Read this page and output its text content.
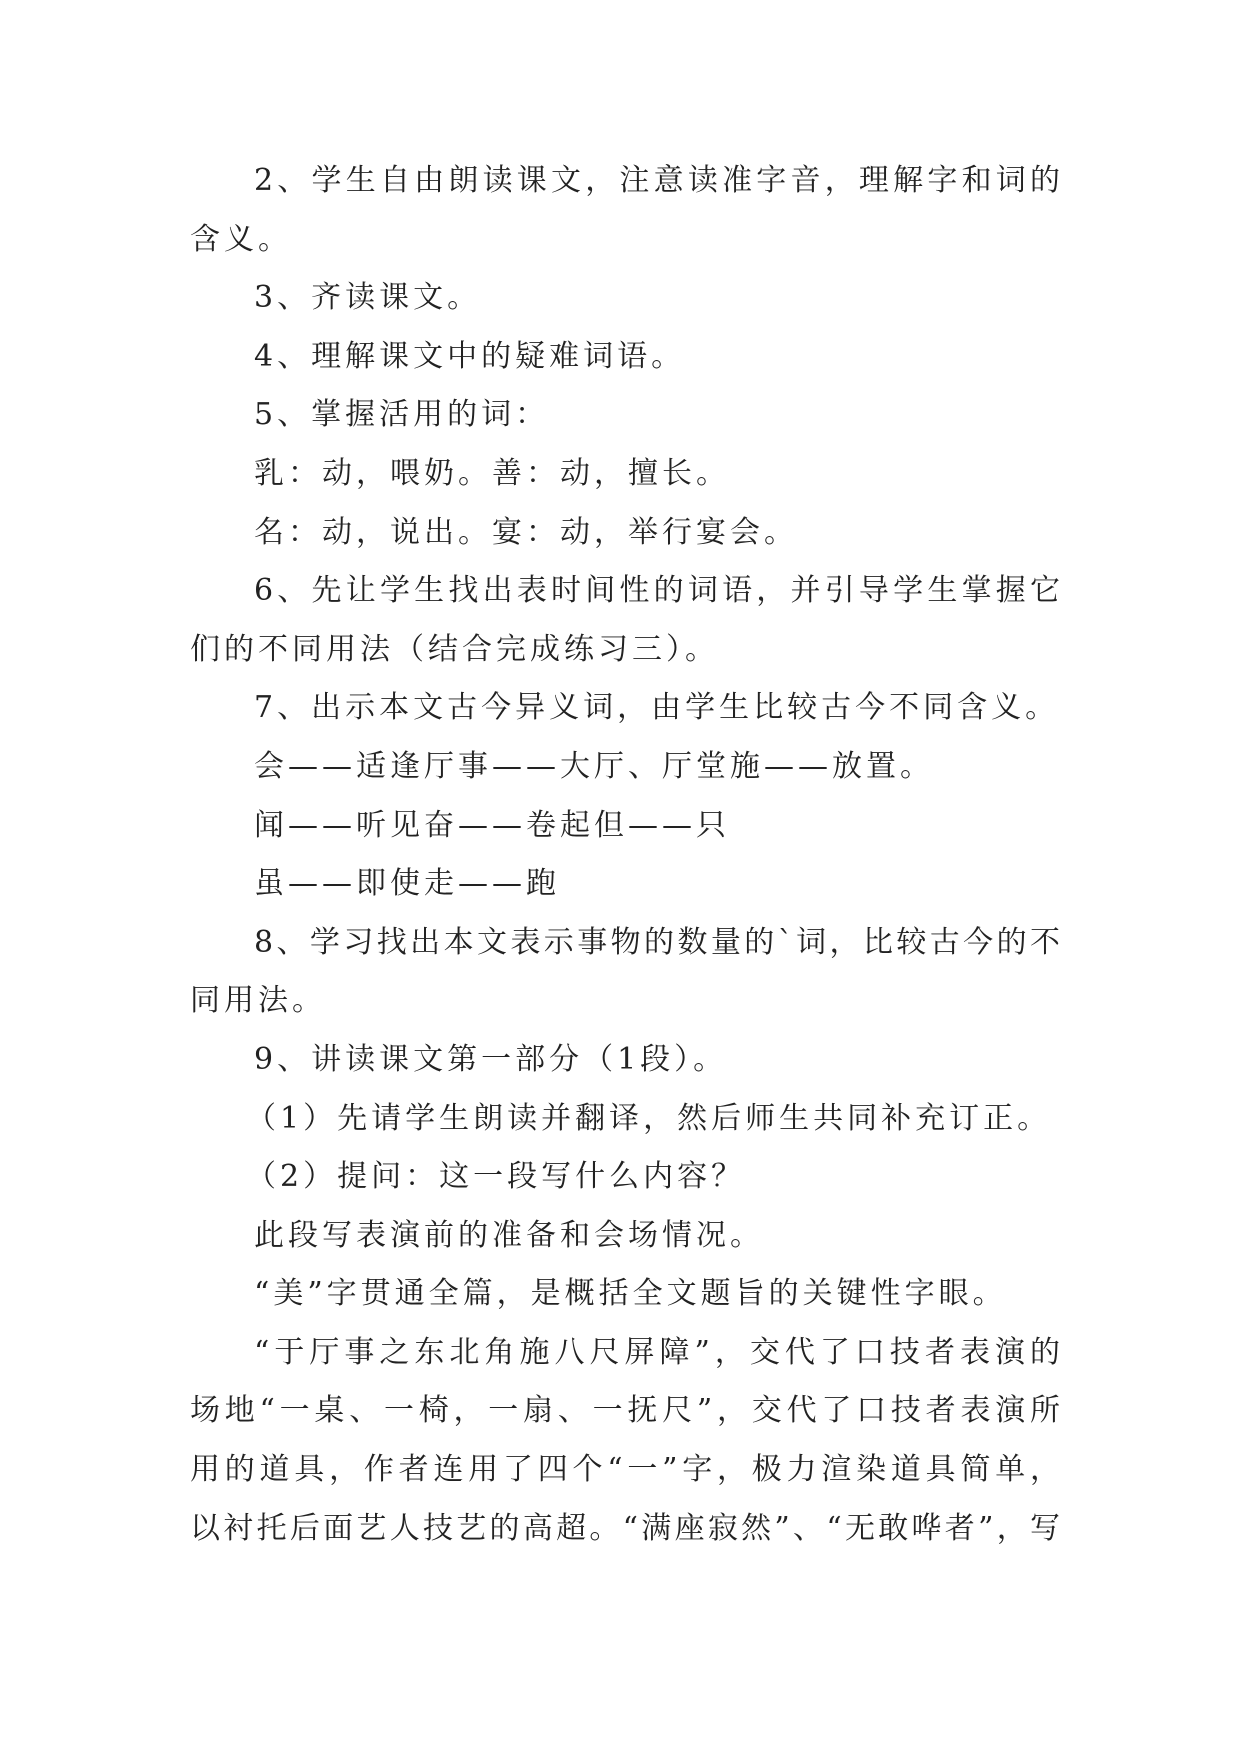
2、学生自由朗读课文，注意读准字音，理解字和词的
含义。
3、齐读课文。
4、理解课文中的疑难词语。
5、掌握活用的词：
乳：动，喂奶。善：动，擅长。
名：动，说出。宴：动，举行宴会。
6、先让学生找出表时间性的词语，并引导学生掌握它
们的不同用法（结合完成练习三）。
7、出示本文古今异义词，由学生比较古今不同含义。
会——适逢厅事——大厅、厅堂施——放置。
闻——听见奋——卷起但——只
虽——即使走——跑
8、学习找出本文表示事物的数量的`词，比较古今的不
同用法。
9、讲读课文第一部分（1段）。
（1）先请学生朗读并翻译，然后师生共同补充订正。
（2）提问：这一段写什么内容？
此段写表演前的准备和会场情况。
“美”字贯通全篇，是概括全文题旨的关键性字眼。
“于厅事之东北角施八尺屏障”，交代了口技者表演的
场地“一桌、一椅，一扇、一抚尺”，交代了口技者表演所
用的道具，作者连用了四个“一”字，极力渲染道具简单，
以衬托后面艺人技艺的高超。“满座寂然”、“无敢哗者”，写
